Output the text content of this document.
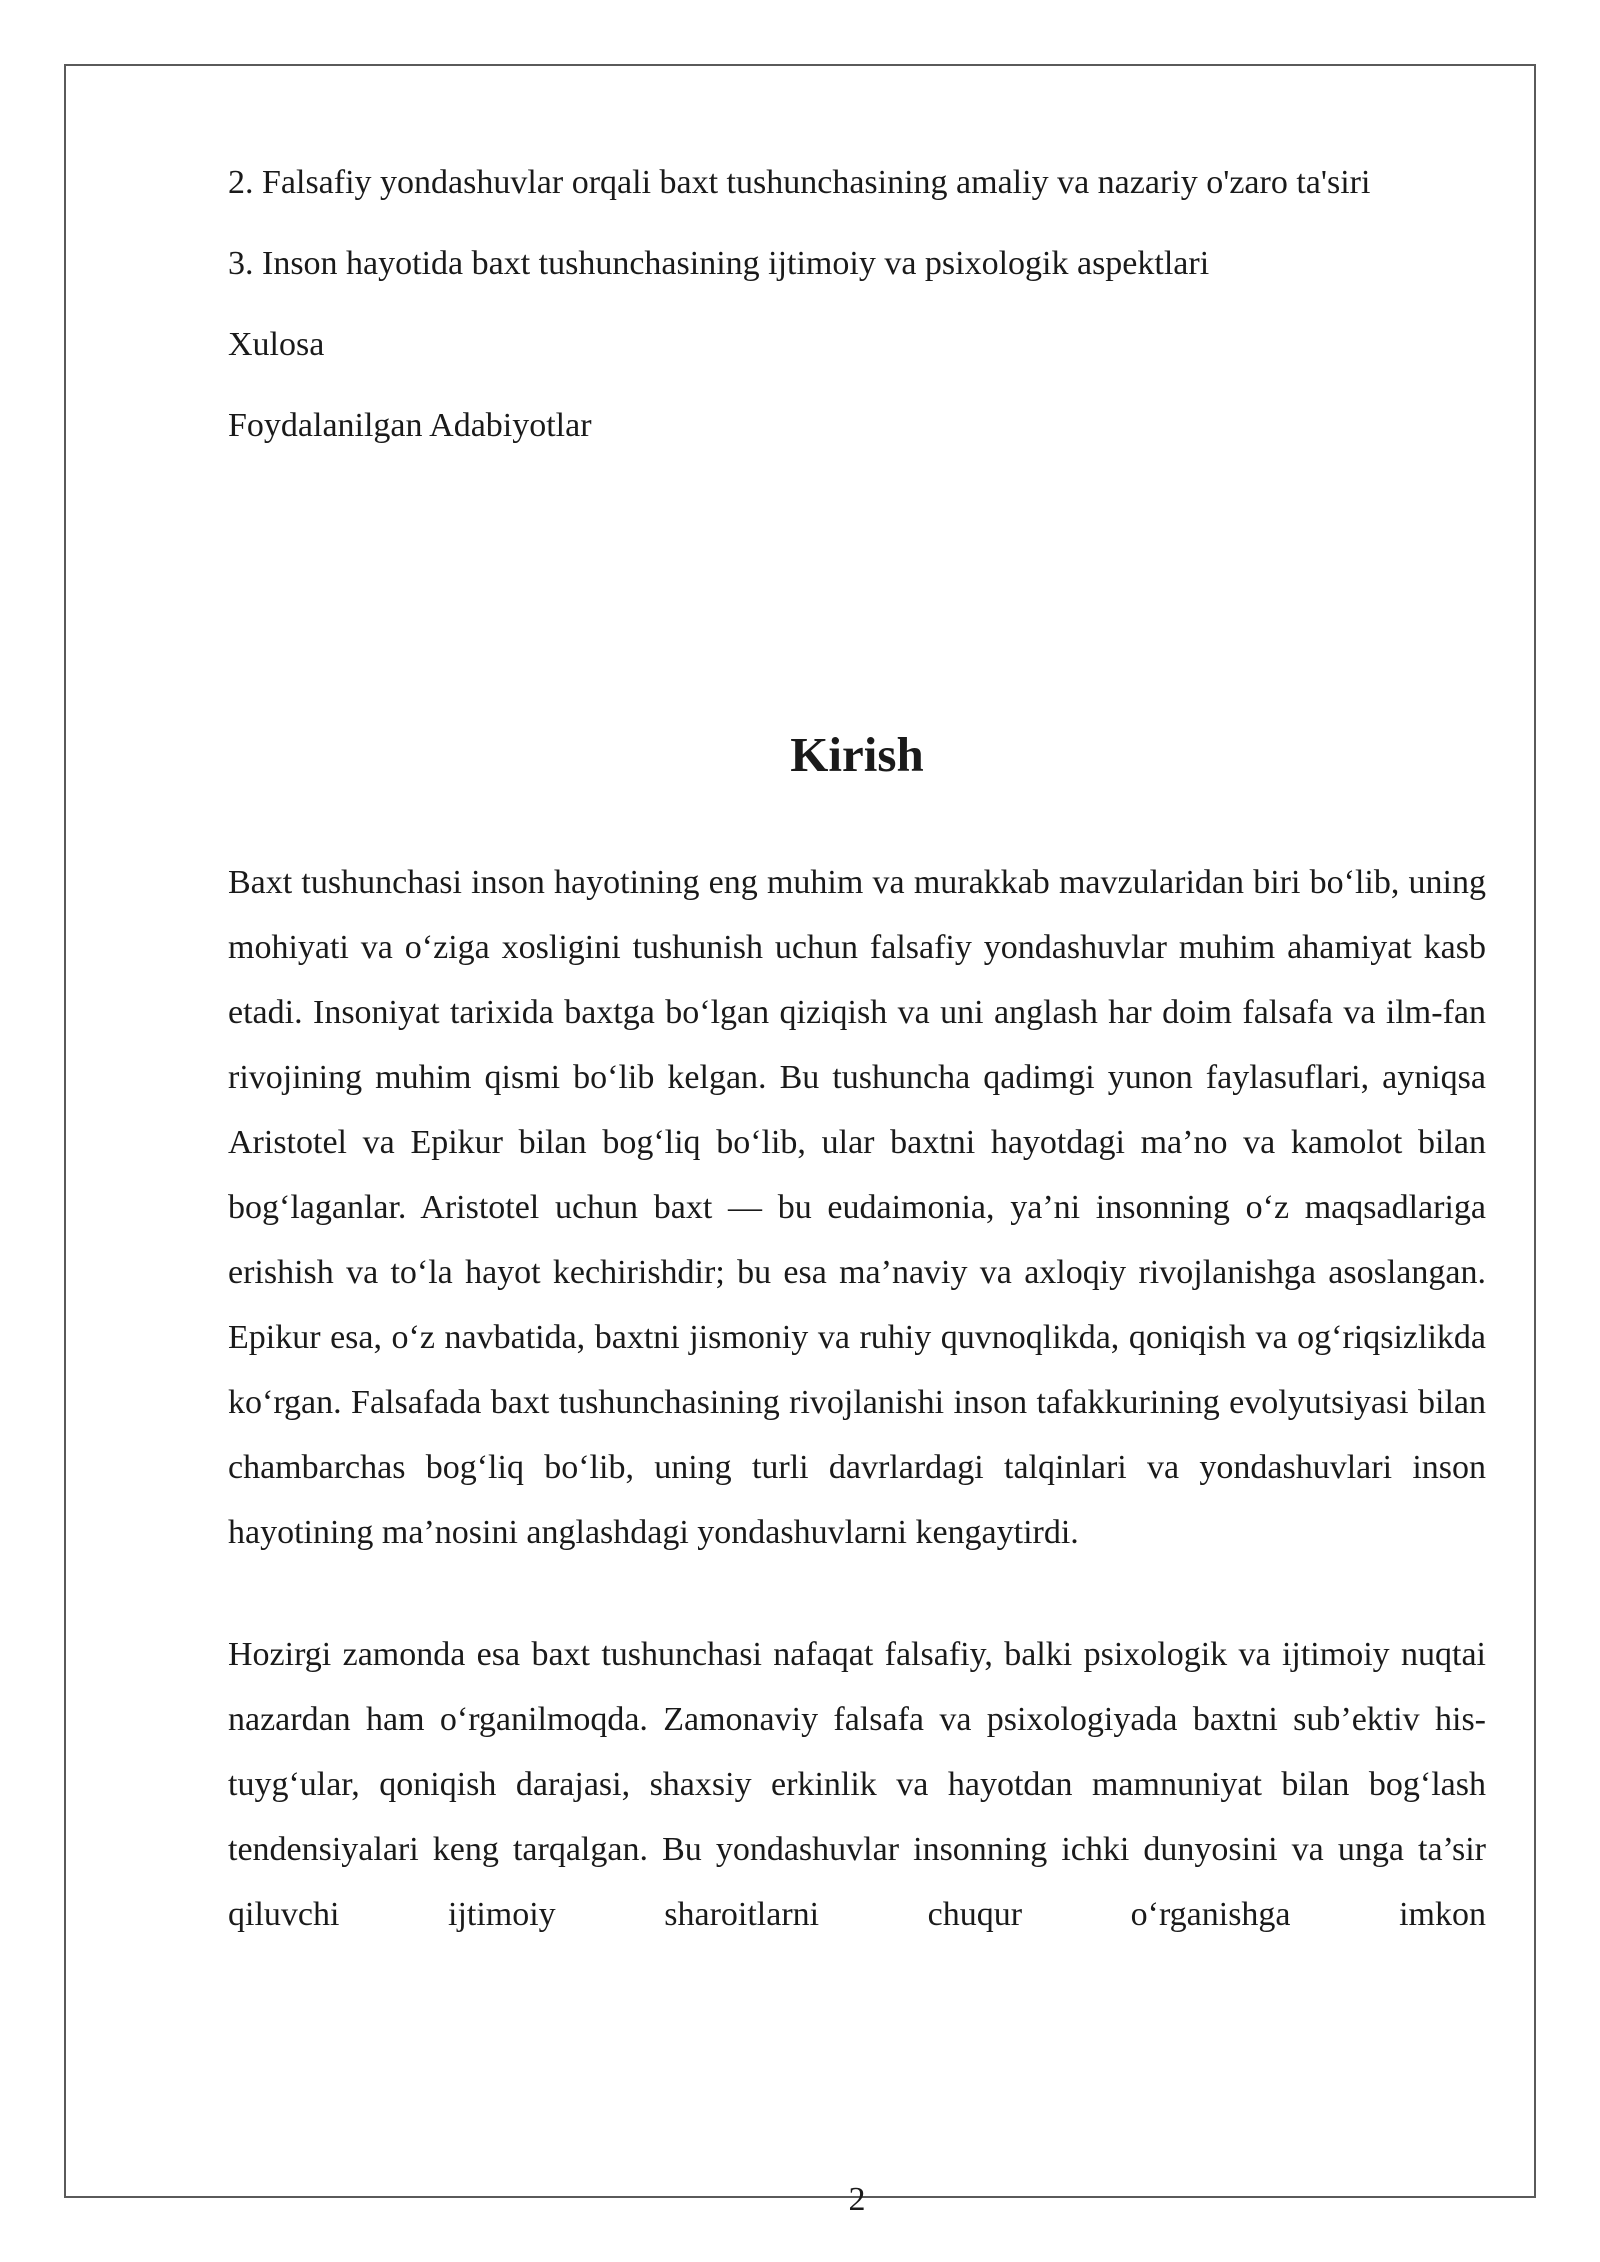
2. Falsafiy yondashuvlar orqali baxt tushunchasining amaliy va nazariy o'zaro ta'siri

3. Inson hayotida baxt tushunchasining ijtimoiy va psixologik aspektlari

Xulosa

Foydalanilgan Adabiyotlar

Kirish

Baxt tushunchasi inson hayotining eng muhim va murakkab mavzularidan biri bo‘lib, uning mohiyati va o‘ziga xosligini tushunish uchun falsafiy yondashuvlar muhim ahamiyat kasb etadi. Insoniyat tarixida baxtga bo‘lgan qiziqish va uni anglash har doim falsafa va ilm-fan rivojining muhim qismi bo‘lib kelgan. Bu tushuncha qadimgi yunon faylasuflari, ayniqsa Aristotel va Epikur bilan bog‘liq bo‘lib, ular baxtni hayotdagi ma’no va kamolot bilan bog‘laganlar. Aristotel uchun baxt — bu eudaimonia, ya’ni insonning o‘z maqsadlariga erishish va to‘la hayot kechirishdir; bu esa ma’naviy va axloqiy rivojlanishga asoslangan. Epikur esa, o‘z navbatida, baxtni jismoniy va ruhiy quvnoqlikda, qoniqish va og‘riqsizlikda ko‘rgan. Falsafada baxt tushunchasining rivojlanishi inson tafakkurining evolyutsiyasi bilan chambarchas bog‘liq bo‘lib, uning turli davrlardagi talqinlari va yondashuvlari inson hayotining ma’nosini anglashdagi yondashuvlarni kengaytirdi.

Hozirgi zamonda esa baxt tushunchasi nafaqat falsafiy, balki psixologik va ijtimoiy nuqtai nazardan ham o‘rganilmoqda. Zamonaviy falsafa va psixologiyada baxtni sub’ektiv his-tuyg‘ular, qoniqish darajasi, shaxsiy erkinlik va hayotdan mamnuniyat bilan bog‘lash tendensiyalari keng tarqalgan. Bu yondashuvlar insonning ichki dunyosini va unga ta’sir qiluvchi ijtimoiy sharoitlarni chuqur o‘rganishga imkon

2
